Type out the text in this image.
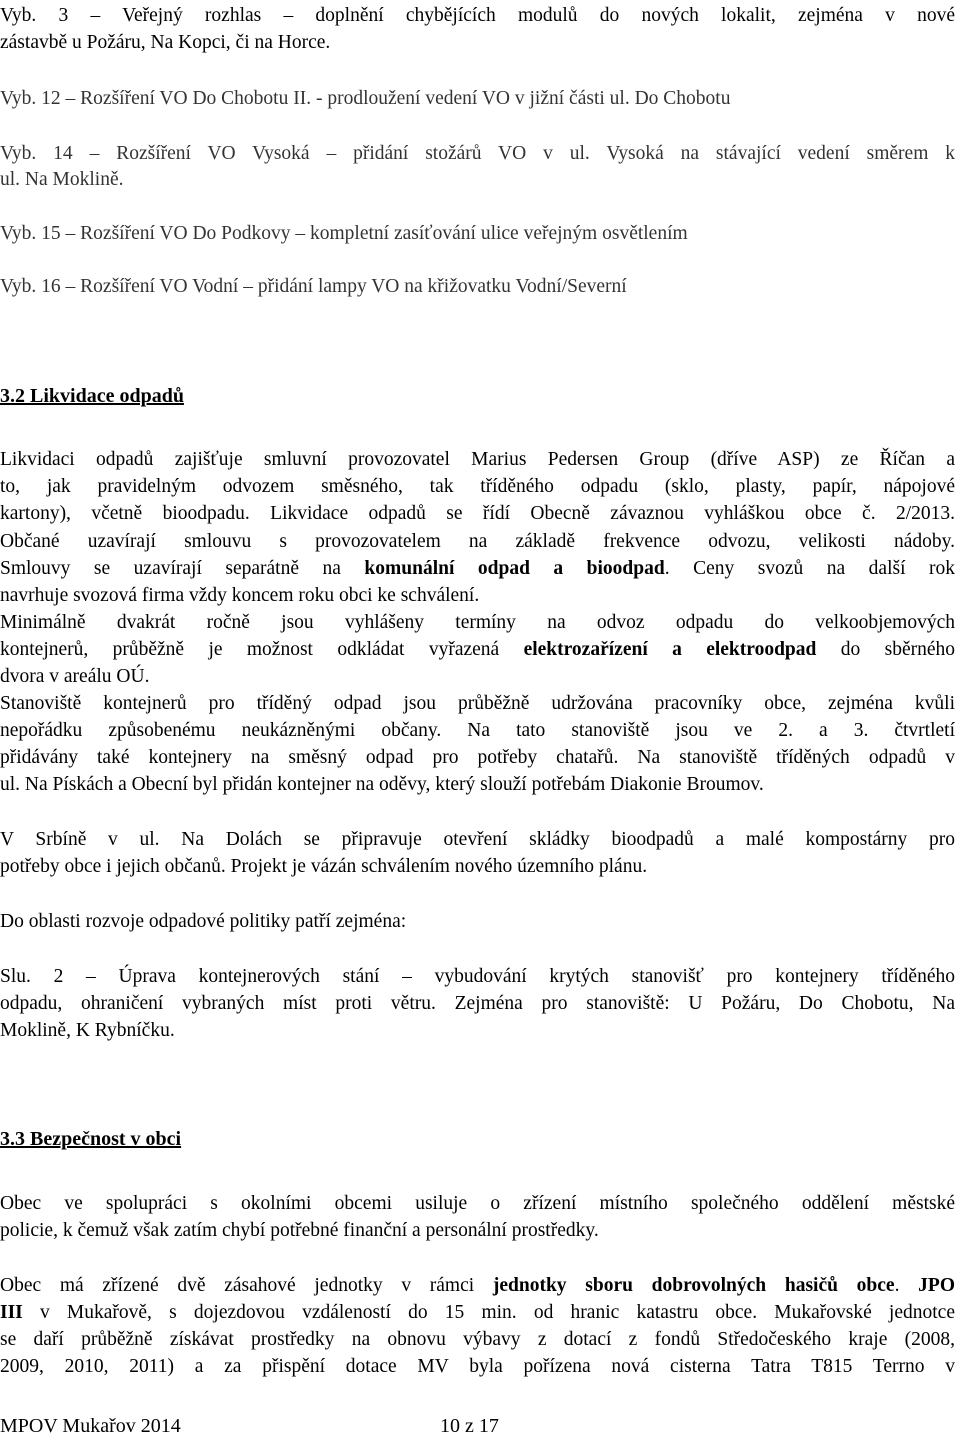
Vyb. 3 – Veřejný rozhlas – doplnění chybějících modulů do nových lokalit, zejména v nové
zástavbě u Požáru, Na Kopci, či na Horce.
Vyb. 12 – Rozšíření VO Do Chobotu II. - prodloužení vedení VO v jižní části ul. Do Chobotu
Vyb. 14 – Rozšíření VO Vysoká – přidání stožárů VO v ul. Vysoká na stávající vedení směrem k
ul. Na Moklině.
Vyb. 15 – Rozšíření VO Do Podkovy – kompletní zasíťování ulice veřejným osvětlením
Vyb. 16 – Rozšíření VO Vodní – přidání lampy VO na křižovatku Vodní/Severní
3.2 Likvidace odpadů
Likvidaci odpadů zajišťuje smluvní provozovatel Marius Pedersen Group (dříve ASP) ze Říčan a
to, jak pravidelným odvozem směsného, tak tříděného odpadu (sklo, plasty, papír, nápojové
kartony), včetně bioodpadu. Likvidace odpadů se řídí Obecně závaznou vyhláškou obce č. 2/2013.
Občané uzavírají smlouvu s provozovatelem na základě frekvence odvozu, velikosti nádoby.
Smlouvy se uzavírají separátně na komunální odpad a bioodpad. Ceny svozů na další rok
navrhuje svozová firma vždy koncem roku obci ke schválení.
Minimálně dvakrát ročně jsou vyhlášeny termíny na odvoz odpadu do velkoobjemových
kontejnerů, průběžně je možnost odkládat vyřazená elektrozařízení a elektroodpad do sběrného
dvora v areálu OÚ.
Stanoviště kontejnerů pro tříděný odpad jsou průběžně udržována pracovníky obce, zejména kvůli
nepořádku způsobenému neukázněnými občany. Na tato stanoviště jsou ve 2. a 3. čtvrtletí
přidávány také kontejnery na směsný odpad pro potřeby chatařů. Na stanoviště tříděných odpadů v
ul. Na Pískách a Obecní byl přidán kontejner na oděvy, který slouží potřebám Diakonie Broumov.
V Srbíně v ul. Na Dolách se připravuje otevření skládky bioodpadů a malé kompostárny pro
potřeby obce i jejich občanů. Projekt je vázán schválením nového územního plánu.
Do oblasti rozvoje odpadové politiky patří zejména:
Slu. 2 – Úprava kontejnerových stání – vybudování krytých stanovišť pro kontejnery tříděného
odpadu, ohraničení vybraných míst proti větru. Zejména pro stanoviště: U Požáru, Do Chobotu, Na
Moklině, K Rybníčku.
3.3 Bezpečnost v obci
Obec ve spolupráci s okolními obcemi usiluje o zřízení místního společného oddělení městské
policie, k čemuž však zatím chybí potřebné finanční a personální prostředky.
Obec má zřízené dvě zásahové jednotky v rámci jednotky sboru dobrovolných hasičů obce. JPO
III v Mukařově, s dojezdovou vzdáleností do 15 min. od hranic katastru obce. Mukařovské jednotce
se daří průběžně získávat prostředky na obnovu výbavy z dotací z fondů Středočeského kraje (2008,
2009, 2010, 2011) a za přispění dotace MV byla pořízena nová cisterna Tatra T815 Terrno v
MPOV Mukařov 2014	10 z 17
